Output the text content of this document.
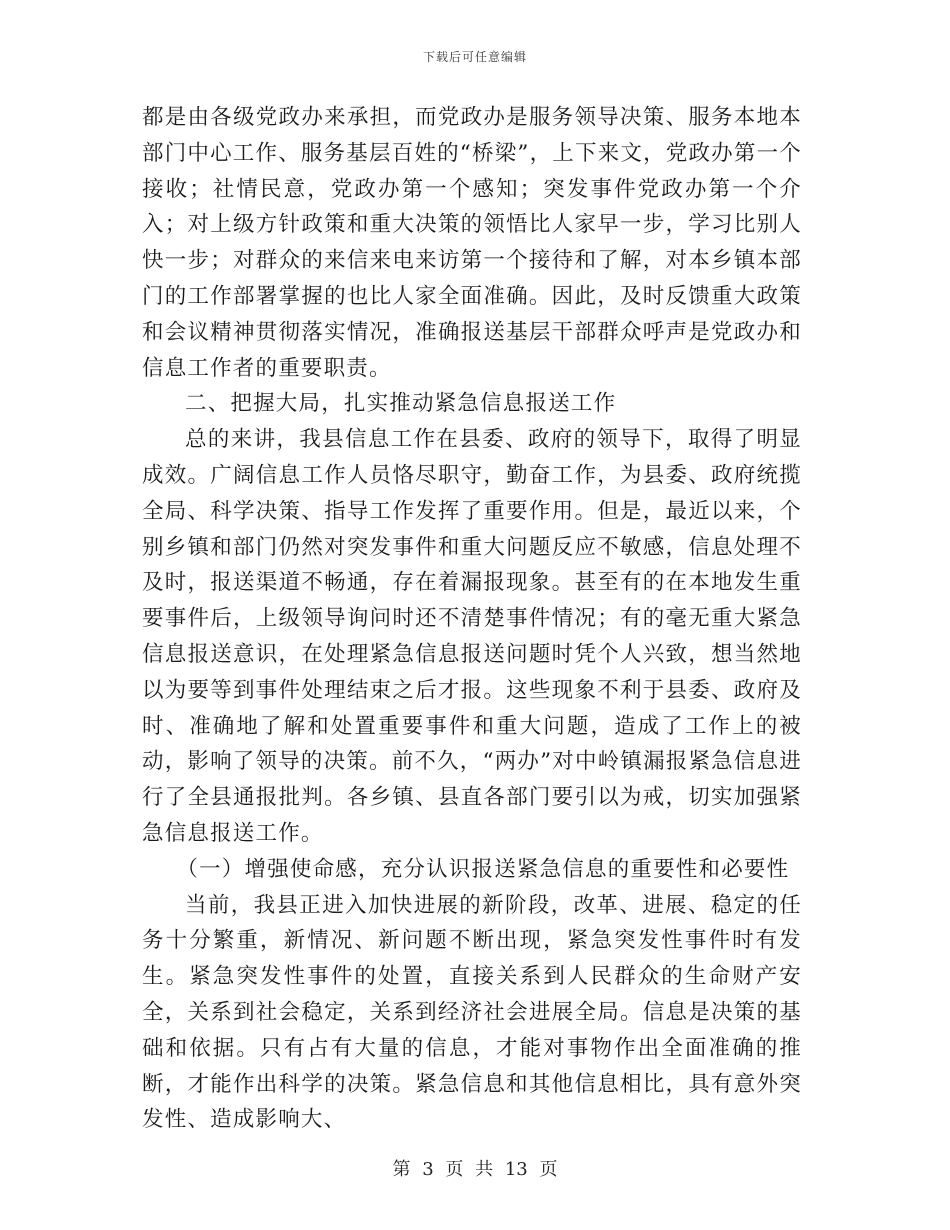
下载后可任意编辑

都是由各级党政办来承担，而党政办是服务领导决策、服务本地本部门中心工作、服务基层百姓的“桥梁”，上下来文，党政办第一个接收；社情民意，党政办第一个感知；突发事件党政办第一个介入；对上级方针政策和重大决策的领悟比人家早一步，学习比别人快一步；对群众的来信来电来访第一个接待和了解，对本乡镇本部门的工作部署掌握的也比人家全面准确。因此，及时反馈重大政策和会议精神贯彻落实情况，准确报送基层干部群众呼声是党政办和信息工作者的重要职责。

二、把握大局，扎实推动紧急信息报送工作

总的来讲，我县信息工作在县委、政府的领导下，取得了明显成效。广阔信息工作人员恪尽职守，勤奋工作，为县委、政府统揽全局、科学决策、指导工作发挥了重要作用。但是，最近以来，个别乡镇和部门仍然对突发事件和重大问题反应不敏感，信息处理不及时，报送渠道不畅通，存在着漏报现象。甚至有的在本地发生重要事件后，上级领导询问时还不清楚事件情况；有的毫无重大紧急信息报送意识，在处理紧急信息报送问题时凭个人兴致，想当然地以为要等到事件处理结束之后才报。这些现象不利于县委、政府及时、准确地了解和处置重要事件和重大问题，造成了工作上的被动，影响了领导的决策。前不久，“两办”对中岭镇漏报紧急信息进行了全县通报批判。各乡镇、县直各部门要引以为戒，切实加强紧急信息报送工作。

（一）增强使命感，充分认识报送紧急信息的重要性和必要性

当前，我县正进入加快进展的新阶段，改革、进展、稳定的任务十分繁重，新情况、新问题不断出现，紧急突发性事件时有发生。紧急突发性事件的处置，直接关系到人民群众的生命财产安全，关系到社会稳定，关系到经济社会进展全局。信息是决策的基础和依据。只有占有大量的信息，才能对事物作出全面准确的推断，才能作出科学的决策。紧急信息和其他信息相比，具有意外突发性、造成影响大、

第 3 页 共 13 页
